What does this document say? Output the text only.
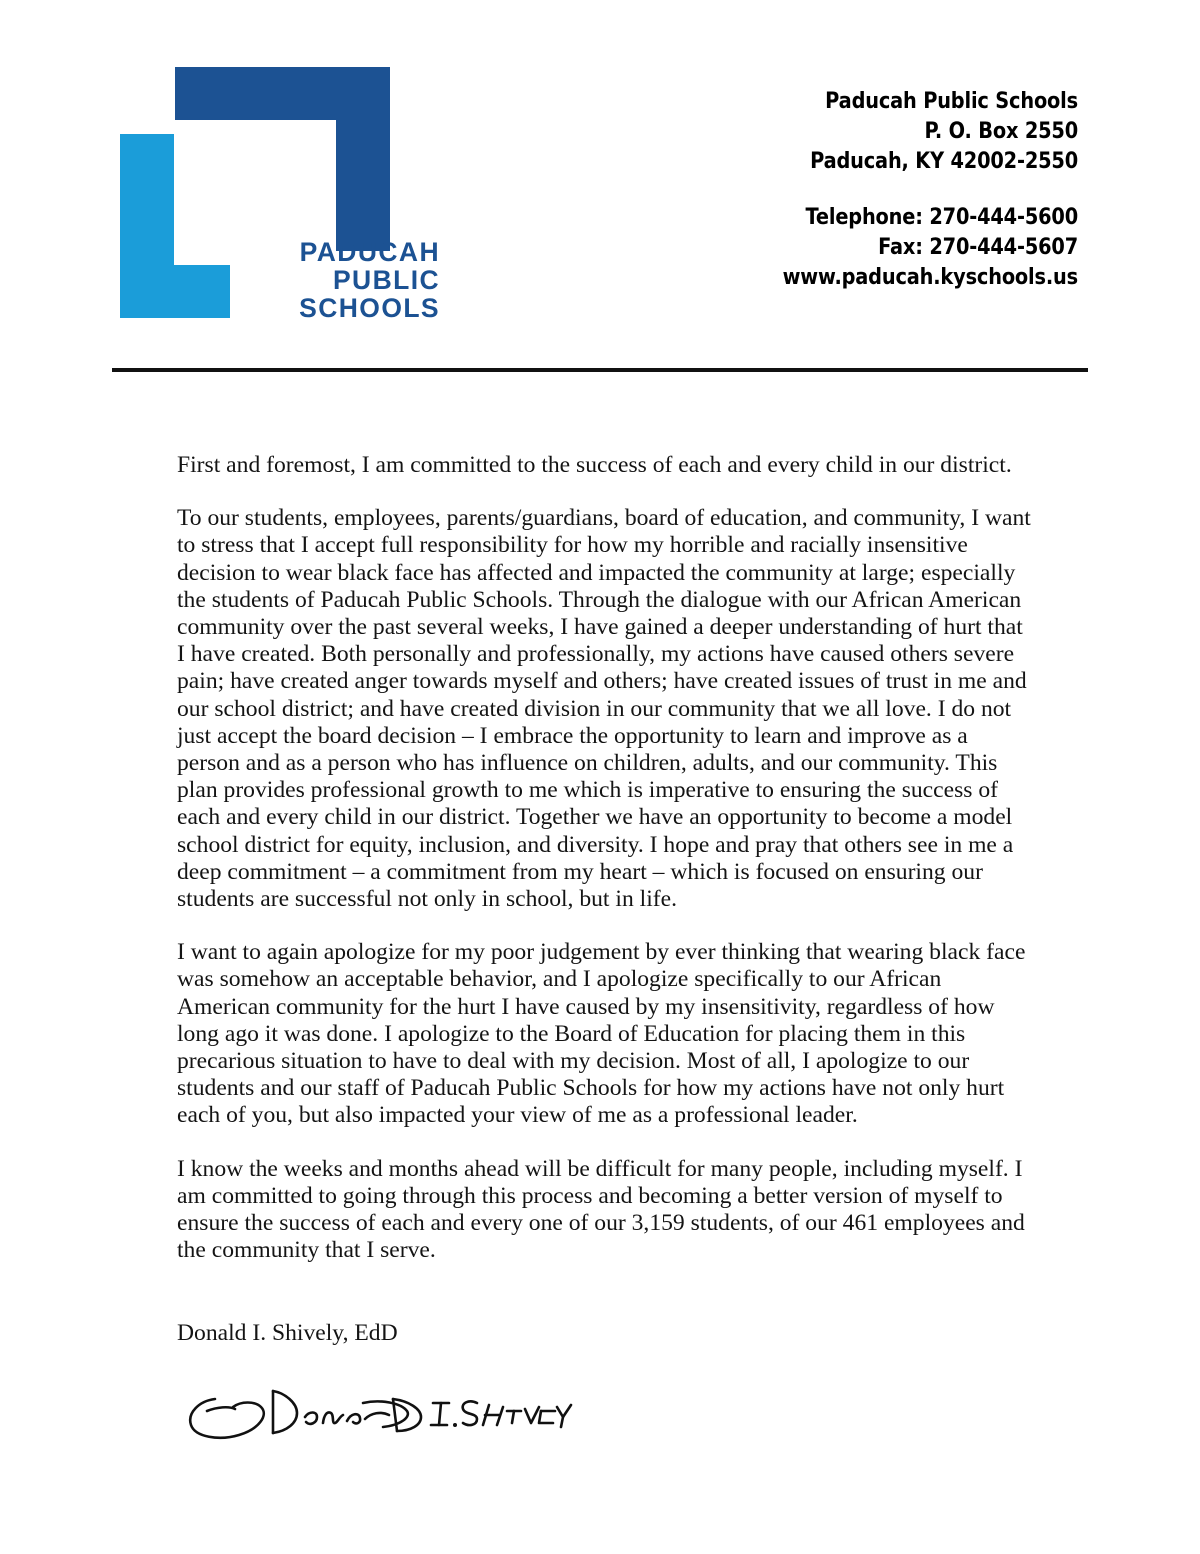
PADUCAH
PUBLIC
SCHOOLS
Paducah Public Schools
P. O. Box 2550
Paducah, KY 42002-2550
Telephone: 270-444-5600
Fax: 270-444-5607
www.paducah.kyschools.us

First and foremost, I am committed to the success of each and every child in our district.

To our students, employees, parents/guardians, board of education, and community, I want to stress that I accept full responsibility for how my horrible and racially insensitive decision to wear black face has affected and impacted the community at large; especially the students of Paducah Public Schools. Through the dialogue with our African American community over the past several weeks, I have gained a deeper understanding of hurt that I have created. Both personally and professionally, my actions have caused others severe pain; have created anger towards myself and others; have created issues of trust in me and our school district; and have created division in our community that we all love. I do not just accept the board decision – I embrace the opportunity to learn and improve as a person and as a person who has influence on children, adults, and our community. This plan provides professional growth to me which is imperative to ensuring the success of each and every child in our district. Together we have an opportunity to become a model school district for equity, inclusion, and diversity. I hope and pray that others see in me a deep commitment – a commitment from my heart – which is focused on ensuring our students are successful not only in school, but in life.

I want to again apologize for my poor judgement by ever thinking that wearing black face was somehow an acceptable behavior, and I apologize specifically to our African American community for the hurt I have caused by my insensitivity, regardless of how long ago it was done. I apologize to the Board of Education for placing them in this precarious situation to have to deal with my decision. Most of all, I apologize to our students and our staff of Paducah Public Schools for how my actions have not only hurt each of you, but also impacted your view of me as a professional leader.

I know the weeks and months ahead will be difficult for many people, including myself. I am committed to going through this process and becoming a better version of myself to ensure the success of each and every one of our 3,159 students, of our 461 employees and the community that I serve.

Donald I. Shively, EdD
